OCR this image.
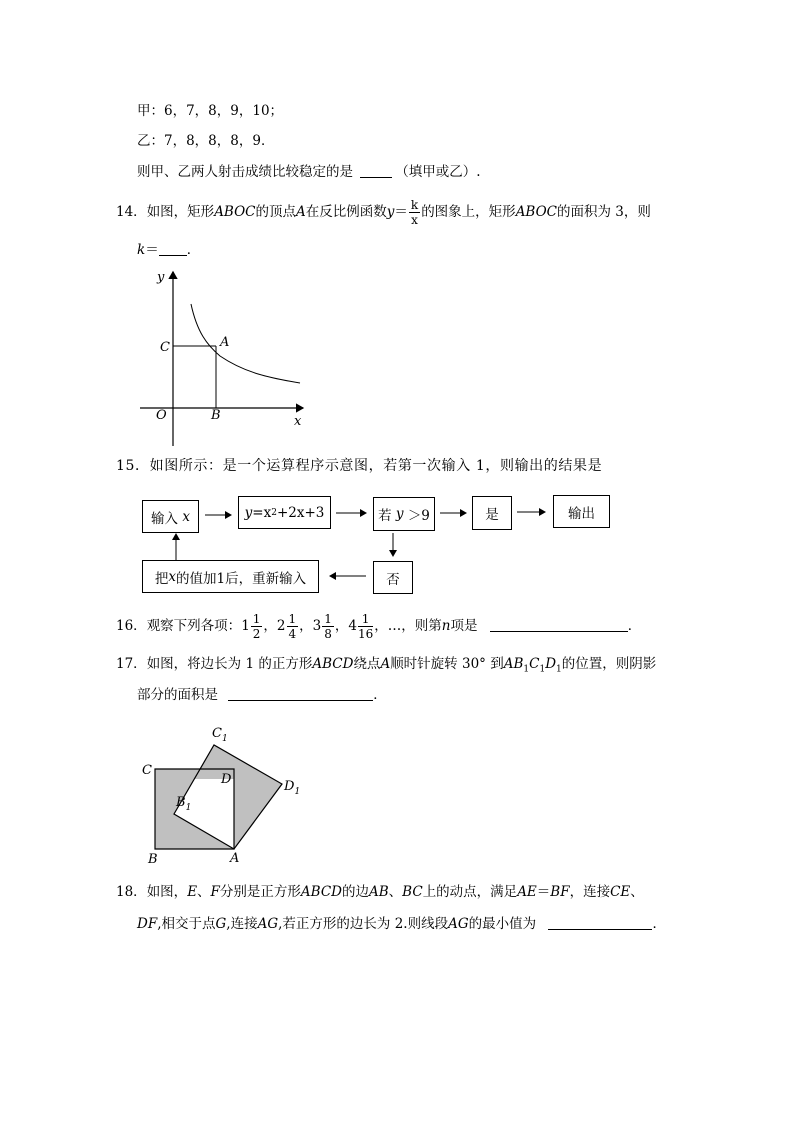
甲：6，7，8，9，10；
乙：7，8，8，8，9．
则甲、乙两人射击成绩比较稳定的是	（填甲或乙）.
14．如图，矩形ABOC的顶点A在反比例函数$y= \frac{k}{x}$ 的图象上，矩形ABOC的面积为 3，则
k＝ ．
y
x
O
A
B
C
15．如图所示：是一个运算程序示意图，若第一次输入 1，则输出的结果是
输入
x	y =x 2 +2x+3	若
y
＞9	是	输出
否
把 x 的值加1后，重新输入
16．观察下列各项：$1 \frac{1}{2}$ ，$2 \frac{1}{4}$ ，$3 \frac{1}{8}$ ，$4 \frac{1}{16}$ ，…，则第n项是	．
17．如图，将边长为 1 的正方形ABCD绕点A顺时针旋转 30° 到$AB_1C_1D_1$的位置，则阴影
部分的面积是	．
$C_1$
C
D	$D_1$
$B_1$
B	A
18．如图，E、F分别是正方形ABCD的边AB、BC上的动点，满足AE＝BF，连接CE、
DF,相交于点G,连接AG,若正方形的边长为 2.则线段AG的最小值为	．
